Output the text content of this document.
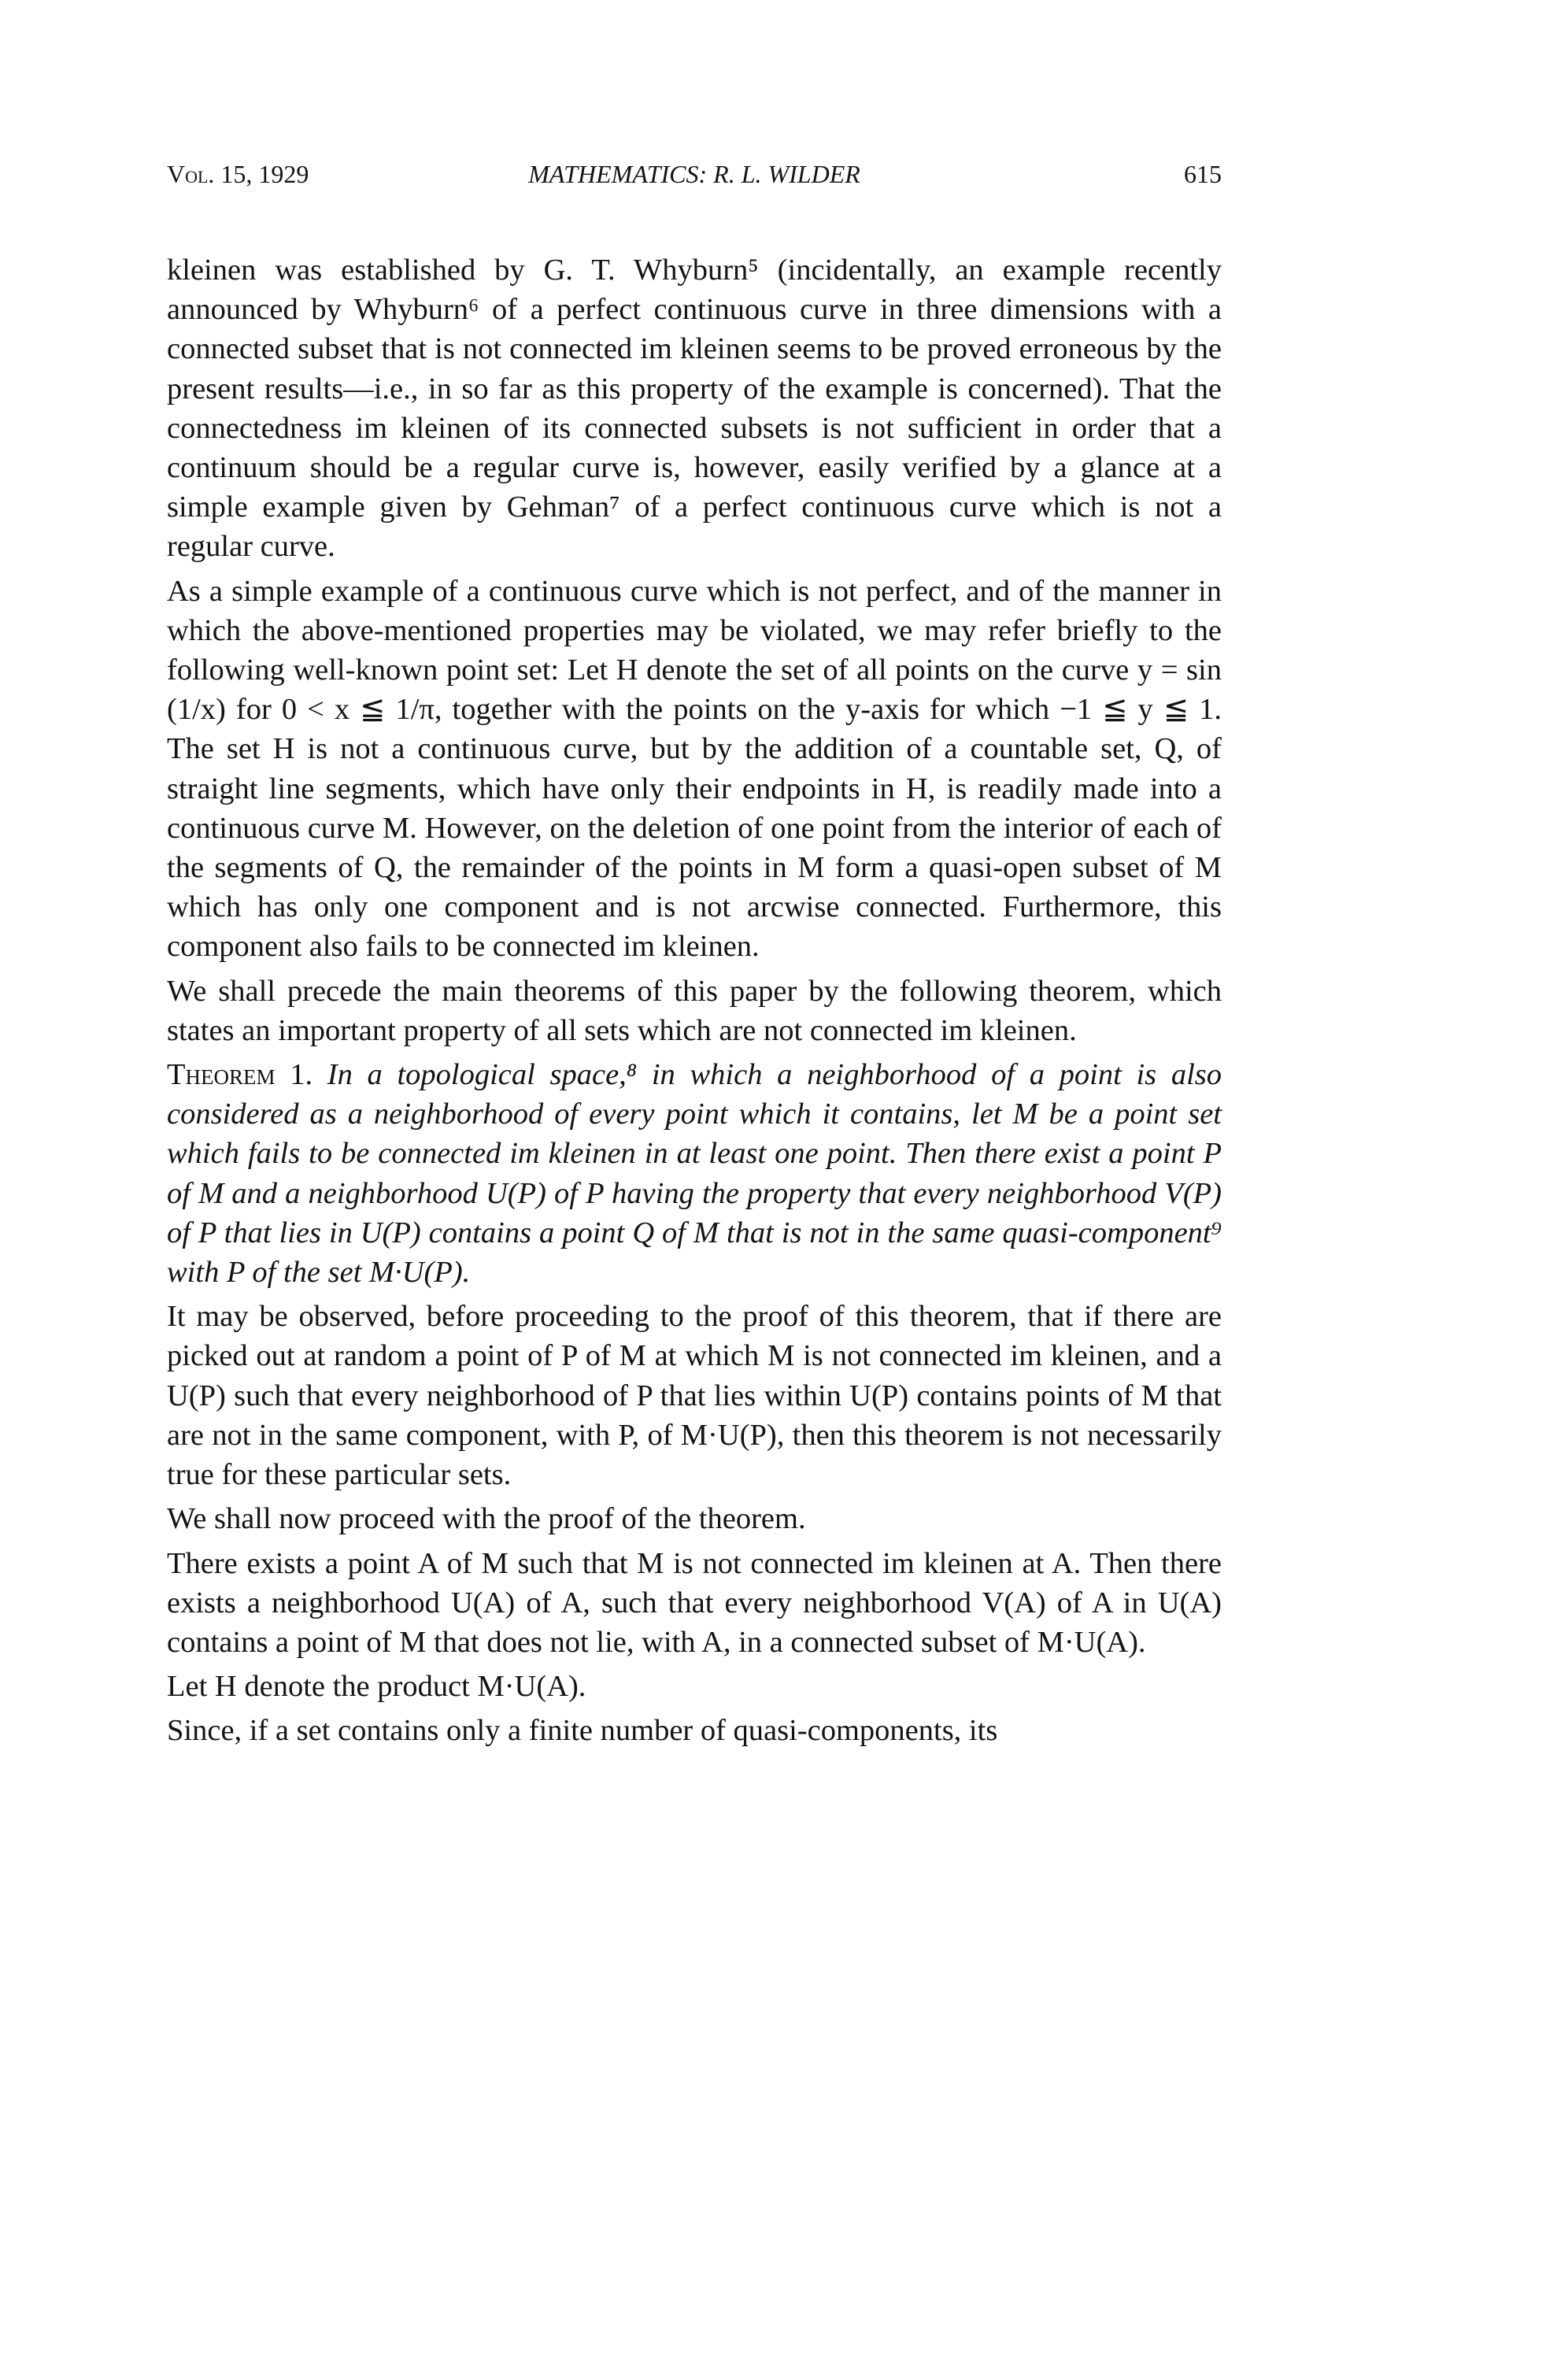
Vol. 15, 1929	MATHEMATICS: R. L. WILDER	615

kleinen was established by G. T. Whyburn⁵ (incidentally, an example recently announced by Whyburn⁶ of a perfect continuous curve in three dimensions with a connected subset that is not connected im kleinen seems to be proved erroneous by the present results—i.e., in so far as this property of the example is concerned). That the connectedness im kleinen of its connected subsets is not sufficient in order that a continuum should be a regular curve is, however, easily verified by a glance at a simple example given by Gehman⁷ of a perfect continuous curve which is not a regular curve.

As a simple example of a continuous curve which is not perfect, and of the manner in which the above-mentioned properties may be violated, we may refer briefly to the following well-known point set: Let H denote the set of all points on the curve y = sin (1/x) for 0 < x ≦ 1/π, together with the points on the y-axis for which −1 ≦ y ≦ 1. The set H is not a continuous curve, but by the addition of a countable set, Q, of straight line segments, which have only their endpoints in H, is readily made into a continuous curve M. However, on the deletion of one point from the interior of each of the segments of Q, the remainder of the points in M form a quasi-open subset of M which has only one component and is not arcwise connected. Furthermore, this component also fails to be connected im kleinen.

We shall precede the main theorems of this paper by the following theorem, which states an important property of all sets which are not connected im kleinen.

Theorem 1. In a topological space,⁸ in which a neighborhood of a point is also considered as a neighborhood of every point which it contains, let M be a point set which fails to be connected im kleinen in at least one point. Then there exist a point P of M and a neighborhood U(P) of P having the property that every neighborhood V(P) of P that lies in U(P) contains a point Q of M that is not in the same quasi-component⁹ with P of the set M·U(P).

It may be observed, before proceeding to the proof of this theorem, that if there are picked out at random a point of P of M at which M is not connected im kleinen, and a U(P) such that every neighborhood of P that lies within U(P) contains points of M that are not in the same component, with P, of M·U(P), then this theorem is not necessarily true for these particular sets.

We shall now proceed with the proof of the theorem.

There exists a point A of M such that M is not connected im kleinen at A. Then there exists a neighborhood U(A) of A, such that every neighborhood V(A) of A in U(A) contains a point of M that does not lie, with A, in a connected subset of M·U(A).

Let H denote the product M·U(A).

Since, if a set contains only a finite number of quasi-components, its
